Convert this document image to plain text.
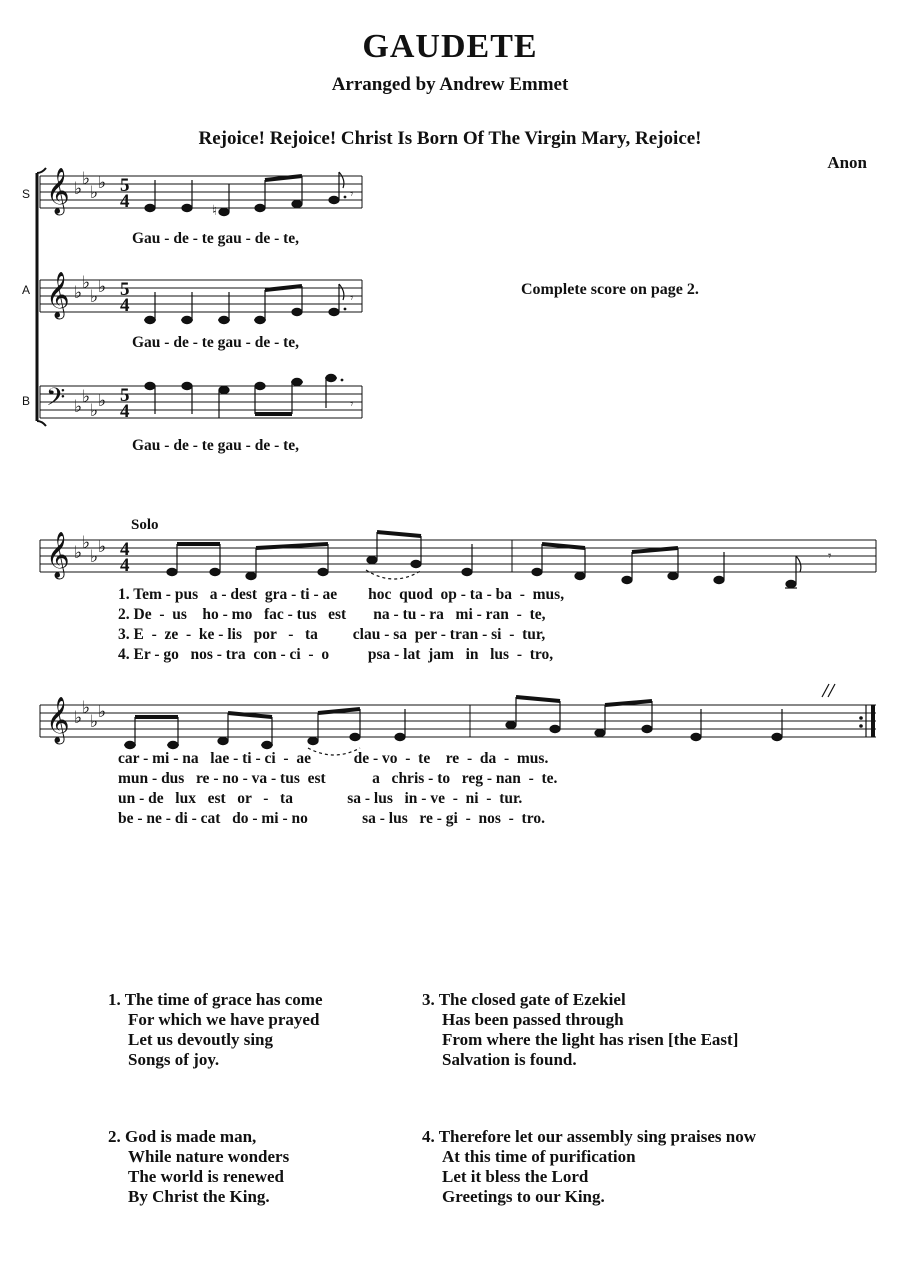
GAUDETE
Arranged by Andrew Emmet
Rejoice! Rejoice! Christ Is Born Of The Virgin Mary, Rejoice!
Anon
Complete score on page 2.
S
A
B
Gau - de - te gau - de - te,
Gau - de - te gau - de - te,
Gau - de - te gau - de - te,
Solo
1. Tem - pus   a - dest  gra - ti - ae        hoc  quod  op - ta - ba  -  mus,
2. De  -  us    ho - mo   fac - tus   est       na - tu - ra   mi - ran  -  te,
3. E  -  ze  -  ke - lis   por   -   ta         clau - sa  per - tran - si  -  tur,
4. Er - go   nos - tra  con - ci  -  o          psa - lat  jam   in   lus  -  tro,
car - mi - na   lae - ti - ci  -  ae           de - vo  -  te    re  -  da  -  mus.
mun - dus   re - no - va - tus  est            a   chris - to   reg - nan  -  te.
un - de   lux   est   or   -   ta              sa - lus   in - ve  -  ni  -  tur.
be - ne - di - cat   do - mi - no              sa - lus   re - gi  -  nos  -  tro.
𝄞
𝄞
𝄢
𝄞
𝄞
♭ ♭
♭ ♭
♭ ♭
♭ ♭
♭ ♭
♭ ♭
♭ ♭
♭ ♭
♭ ♭
♭ ♭
5
4
5
4
5
4
4
4
♮
𝄾
𝄾
𝄾
𝄾
1. The time of grace has come
For which we have prayed
Let us devoutly sing
Songs of joy.
3. The closed gate of Ezekiel
Has been passed through
From where the light has risen [the East]
Salvation is found.
2. God is made man,
While nature wonders
The world is renewed
By Christ the King.
4. Therefore let our assembly sing praises now
At this time of purification
Let it bless the Lord
Greetings to our King.
